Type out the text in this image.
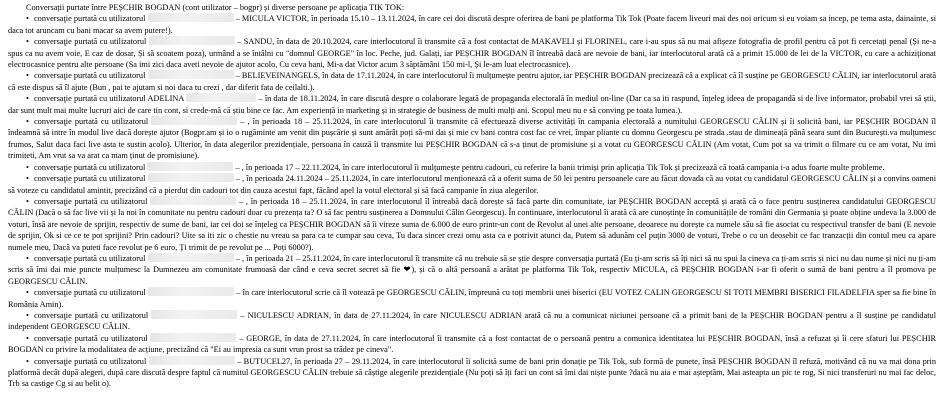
Conversații purtate între PEȘCHIR BOGDAN (cont utilizator – bogpr) și diverse persoane pe aplicația TIK TOK:

• conversaţie purtată cu utilizatorul	– MICULA VICTOR, în perioada 15.10 – 13.11.2024, în care cei doi discută despre oferirea de bani pe platforma Tik Tok (Poate facem liveuri mai des noi oricum si eu voiam sa incep, pe tema asta, dainainte, si daca tot aruncam cu bani macar sa avem putere!).

• conversaţie purtată cu utilizatorul	– SANDU, în data de 20.10.2024, care interlocutorul îi transmite că a fost contactat de MAKAVELI și FLORINEL, care i-au spus să nu mai afișeze fotografia de profil pentru că pot fi cercetați penal (Și ne-a spus ca nu avem voie, E caz de dosar, Și să scoatem poza), urmând a se întâlni cu "domnul GEORGE" în loc. Peche, jud. Galați, iar PEȘCHIR BOGDAN îl întreabă dacă are nevoie de bani, iar interlocutorul arată că a primit 15.000 de lei de la VICTOR, cu care a achiziționat electrocasnice pentru alte persoane (Sa imi zici daca aveti nevoie de ajutor acolo, Cu ceva bani, Mi-a dat Victor acum 3 săptămâni 150 mi-l, Și le-am luat electrocasnice).

• conversaţie purtată cu utilizatorul	– BELIEVEINANGELS, în data de 17.11.2024, în care interlocutorul îi mulțumește pentru ajutor, iar PEȘCHIR BOGDAN precizează că a explicat că îl susține pe GEORGESCU CĂLIN, iar interlocutorul arată că este dispus să îl ajute (Bun , pai te ajutam si noi daca tu crezi , dar diferit fata de ceilalti.).

• conversaţie purtată cu utilizatorul ADELINA	– în data de 18.11.2024, în care discută despre o colaborare legată de propaganda electorală în mediul on-line (Dar ca sa iti raspund, înțeleg ideea de propagandă si de live informator, probabil vrei să știi, dar sunt mult mai multe lucruri aici de care tin cont, si crede-mă că știu bine ce fac. Am experiență in marketing și in strategie de business de multi mulți ani. Scopul meu nu e să conving pe toata lumea.).

• conversaţie purtată cu utilizatorul	– , în perioada 18 – 25.11.2024, în care interlocutorul îi transmite că efectuează diverse activități în campania electorală a numitului GEORGESCU CĂLIN și îi solicită bani, iar PEȘCHIR BOGDAN îl îndeamnă să intre în modul live dacă dorește ajutor (Bogpr.am și io o rugăminte am venit din pușcărie și sunt amărât poți să-mi dai și mie cv bani contra cost fac ce vrei, împar pliante cu domnu Georgescu pe strada .stau de dimineață până seara sunt din București.va mulțumesc frumos, Salut daca faci live asta te sustin acolo). Ulterior, în data alegerilor prezidențiale, persoana în cauză îi transmite lui PEȘCHIR BOGDAN că s-a ținut de promisiune și a votat cu GEORGESCU CĂLIN (Am votat, Cum pot sa va trimit o filmare cu ce am votat, Nu imi trimiteti, Am vrut sa va arat ca mam ținut de promisiune).

• conversaţie purtată cu utilizatorul	– , în perioada 17 – 22.11.2024, în care interlocutorul îi mulțumește pentru cadouri, cu referire la banii trimiși prin aplicația Tik Tok și precizează că toată campania i-a adus foarte multe probleme.

• conversaţie purtată cu utilizatorul	– , în perioada 24.11.2024 – 25.11.2024, în care interlocutorul menționează că a oferit suma de 50 lei pentru persoanele care au făcut dovada că au votat cu candidatul GEORGESCU CĂLIN și a convins oameni să voteze cu candidatul amintit, precizând că a pierdut din cadouri tot din cauza acestui fapt, făcând apel la votul electoral și să facă campanie în ziua alegerilor.

• conversaţie purtată cu utilizatorul	– , în perioada 18 – 25.11.2024, în care interlocutorul îl întreabă dacă dorește să facă parte din comunitate, iar PEȘCHIR BOGDAN acceptă și arată că o face pentru susținerea candidatului GEORGESCU CĂLIN (Dacă o să fac live vii și la noi în comunitate nu pentru cadouri doar cu prezența ta? O să fac pentru susținerea a Domnului Călin Georgescu). În continuare, interlocutorul îi arată că are cunoștințe în comunitățile de români din Germania și poate obține undeva la 3.000 de voturi, însă are nevoie de sprijin, respectiv de sume de bani, iar cei doi se înțeleg ca PEȘCHIR BOGDAN să îi vireze suma de 6.000 de euro printr-un cont de Revolut al unei alte persoane, deoarece nu dorește ca numele său să fie asociat cu respectivul transfer de bani (E nevoie de sprijin, Ok si ce ce te pot sprijini? Prin cadouri? Uite sa iti zic o chestie nu vreau sa para ca te cumpar sau ceva, Tu daca sincer crezi omu asta ca e potrivit atunci da, Putem să adunăm cel puțin 3000 de voturi, Trebe o cu un deosebit ce fac tranzacții din contul meu ca apare numele meu, Dacă va puteti face revolut pe 6 euro, Ți trimit de pe revolut pe ... Poți 6000?).

• conversaţie purtată cu utilizatorul	– , în perioada 21 – 25.11.2024, în care interlocutorul îi transmite că nu trebuie să se știe despre conversația purtată (Eu ți-am scris să îți nici să nu spui la cineva ca ți-am scris și nici nu dau nume și nici nu ți-am scris să îmi dai mie puncte mulțumesc la Dumnezeu am comunitate frumoasă dar când e ceva secret secret să fie ❤), și că o altă persoană a arătat pe platforma Tik Tok, respectiv MICULA, că PEȘCHIR BOGDAN i-ar fi oferit o sumă de bani pentru a îl promova pe GEORGESCU CĂLIN.

• conversaţie purtată cu utilizatorul	– în care interlocutorul scrie că îl votează pe GEORGESCU CĂLIN, împreună cu toți membrii unei biserici (EU VOTEZ CALIN GEORGESCU SI TOTI MEMBRI BISERICI FILADELFIA sper sa fie bine în România Amin).

• conversaţie purtată cu utilizatorul	– NICULESCU ADRIAN, în data de 27.11.2024, în care NICULESCU ADRIAN arată că nu a comunicat niciunei persoane că a primit bani de la PEȘCHIR BOGDAN pentru a îl susține pe candidatul independent GEORGESCU CĂLIN.

• conversaţie purtată cu utilizatorul	– GEORGE, în data de 27.11.2024, în care interlocutorul îi transmite că a fost contactat de o persoană pentru a comunica identitatea lui PEȘCHIR BOGDAN, însă a refuzat și îi cere sfaturi lui PEȘCHIR BOGDAN cu privire la modalitatea de acțiune, precizând că "Ei au impresia ca sunt vrun prost sa trădez pe cineva".

• conversaţie purtată cu utilizatorul	– BUTUCEL27, în perioada 27 – 29.11.2024, în care interlocutorul îi solicită sume de bani prin donație pe Tik Tok, sub formă de punete, însă PEȘCHIR BOGDAN îl refuză, motivând că nu va mai dona prin platformă decât după alegeri, după care discută despre faptul că numitul GEORGESCU CĂLIN trebuie să câștige alegerile prezidențiale (Nu poți să îți faci un cont să îmi dai niște punte ?dacă nu aia e mai așteptăm, Mai asteapta un pic te rog, Si nici transferuri nu mai fac deloc, Trb sa castige Cg si au belit o).
